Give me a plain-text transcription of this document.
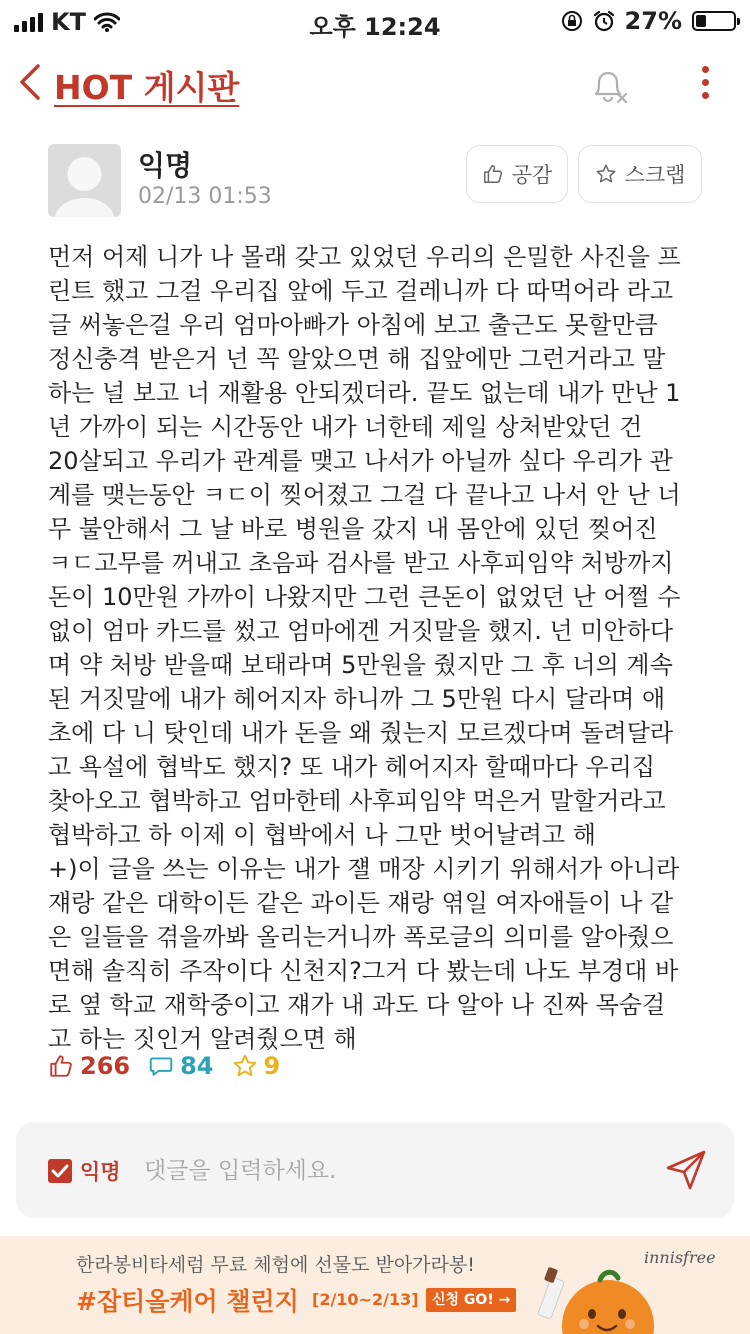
KT	오후 12:24	27%
HOT 게시판
익명
02/13 01:53
공감	스크랩
먼저 어제 니가 나 몰래 갖고 있었던 우리의 은밀한 사진을 프
린트 했고 그걸 우리집 앞에 두고 걸레니까 다 따먹어라 라고
글 써놓은걸 우리 엄마아빠가 아침에 보고 출근도 못할만큼
정신충격 받은거 넌 꼭 알았으면 해 집앞에만 그런거라고 말
하는 널 보고 너 재활용 안되겠더라. 끝도 없는데 내가 만난 1
년 가까이 되는 시간동안 내가 너한테 제일 상처받았던 건
20살되고 우리가 관계를 맺고 나서가 아닐까 싶다 우리가 관
계를 맺는동안 ㅋㄷ이 찢어졌고 그걸 다 끝나고 나서 안 난 너
무 불안해서 그 날 바로 병원을 갔지 내 몸안에 있던 찢어진
ㅋㄷ고무를 꺼내고 초음파 검사를 받고 사후피임약 처방까지
돈이 10만원 가까이 나왔지만 그런 큰돈이 없었던 난 어쩔 수
없이 엄마 카드를 썼고 엄마에겐 거짓말을 했지. 넌 미안하다
며 약 처방 받을때 보태라며 5만원을 줬지만 그 후 너의 계속
된 거짓말에 내가 헤어지자 하니까 그 5만원 다시 달라며 애
초에 다 니 탓인데 내가 돈을 왜 줬는지 모르겠다며 돌려달라
고 욕설에 협박도 했지? 또 내가 헤어지자 할때마다 우리집
찾아오고 협박하고 엄마한테 사후피임약 먹은거 말할거라고
협박하고 하 이제 이 협박에서 나 그만 벗어날려고 해
+)이 글을 쓰는 이유는 내가 쟬 매장 시키기 위해서가 아니라
쟤랑 같은 대학이든 같은 과이든 쟤랑 엮일 여자애들이 나 같
은 일들을 겪을까봐 올리는거니까 폭로글의 의미를 알아줬으
면해 솔직히 주작이다 신천지?그거 다 봤는데 나도 부경대 바
로 옆 학교 재학중이고 쟤가 내 과도 다 알아 나 진짜 목숨걸
고 하는 짓인거 알려줬으면 해
266 84 9
익명
댓글을 입력하세요.
한라봉비타세럼 무료 체험에 선물도 받아가라봉!
#잡티올케어 챌린지 [2/10~2/13] 신청 GO! →
innisfree
